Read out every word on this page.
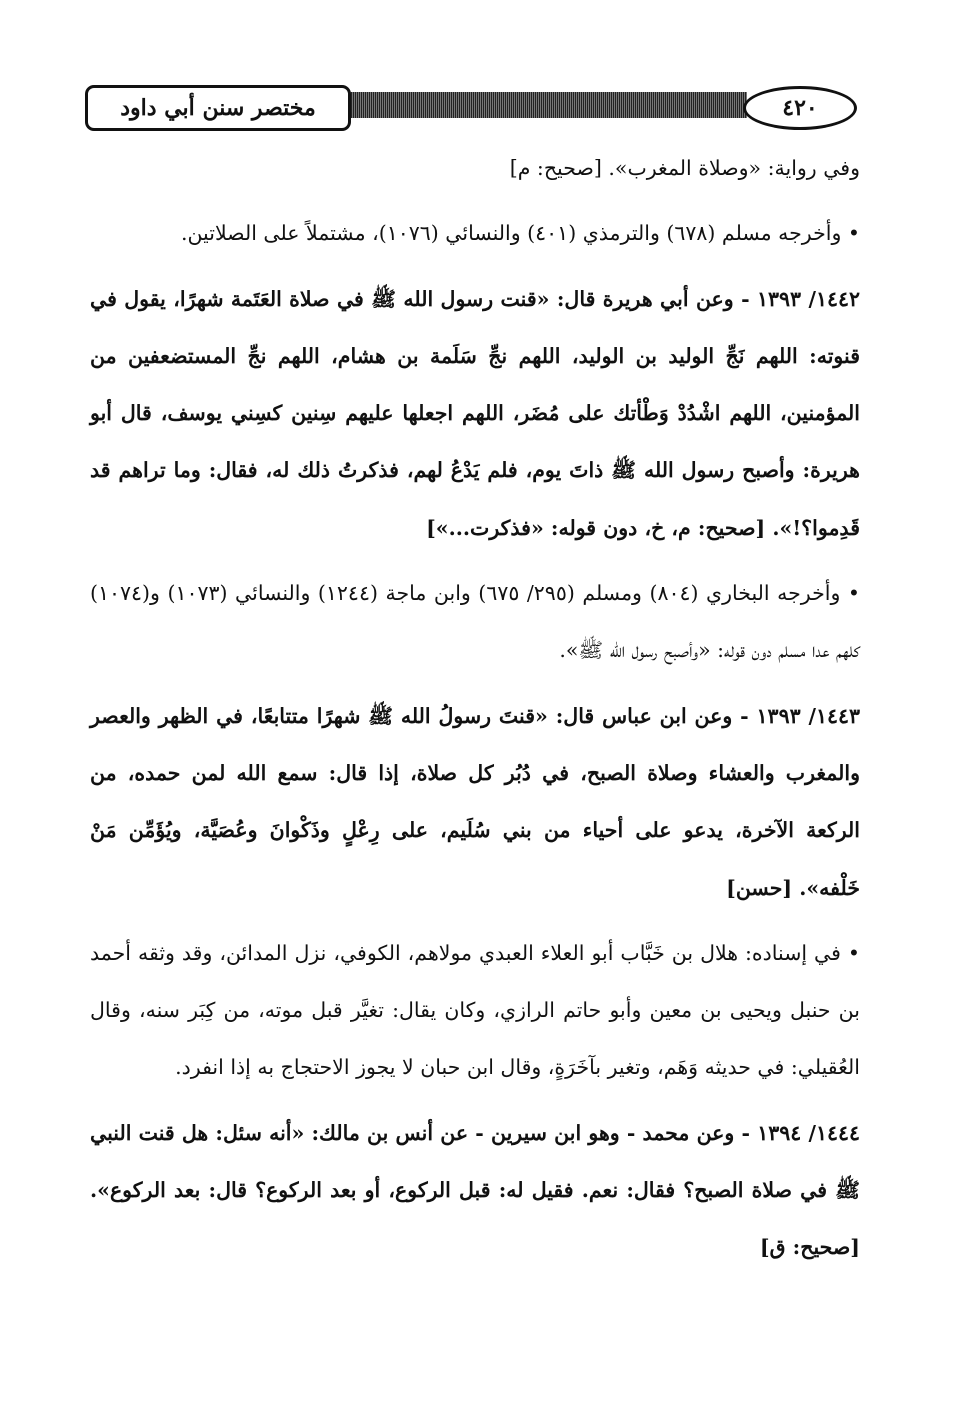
مختصر سنن أبي داود	٤٢٠

وفي رواية: «وصلاة المغرب». [صحيح: م]

• وأخرجه مسلم (٦٧٨) والترمذي (٤٠١) والنسائي (١٠٧٦)، مشتملاً على الصلاتين.

١٤٤٢/ ١٣٩٣ - وعن أبي هريرة قال: «قنت رسول الله ﷺ في صلاة العَتَمة شهرًا، يقول في قنوته: اللهم نَجِّ الوليد بن الوليد، اللهم نجِّ سَلَمة بن هشام، اللهم نجِّ المستضعفين من المؤمنين، اللهم اشْدُدْ وَطْأتك على مُضَر، اللهم اجعلها عليهم سِنين كسِني يوسف، قال أبو هريرة: وأصبح رسول الله ﷺ ذاتَ يوم، فلم يَدْعُ لهم، فذكرتُ ذلك له، فقال: وما تراهم قد قَدِموا؟!». [صحيح: م، خ، دون قوله: «فذكرت...»]

• وأخرجه البخاري (٨٠٤) ومسلم (٢٩٥/ ٦٧٥) وابن ماجة (١٢٤٤) والنسائي (١٠٧٣) و(١٠٧٤) كلهم عدا مسلم دون قوله: «وأصبح رسول الله ﷺ».

١٤٤٣/ ١٣٩٣ - وعن ابن عباس قال: «قنتَ رسولُ الله ﷺ شهرًا متتابعًا، في الظهر والعصر والمغرب والعشاء وصلاة الصبح، في دُبُر كل صلاة، إذا قال: سمع الله لمن حمده، من الركعة الآخرة، يدعو على أحياء من بني سُلَيم، على رِعْلٍ وذَكْوانَ وعُصَيَّة، ويُؤَمِّن مَنْ خَلْفه». [حسن]

• في إسناده: هلال بن خَبَّاب أبو العلاء العبدي مولاهم، الكوفي، نزل المدائن، وقد وثقه أحمد بن حنبل ويحيى بن معين وأبو حاتم الرازي، وكان يقال: تغيَّر قبل موته، من كِبَر سنه، وقال العُقيلي: في حديثه وَهَم، وتغير بآخَرَةٍ، وقال ابن حبان لا يجوز الاحتجاج به إذا انفرد.

١٤٤٤/ ١٣٩٤ - وعن محمد - وهو ابن سيرين - عن أنس بن مالك: «أنه سئل: هل قنت النبي ﷺ في صلاة الصبح؟ فقال: نعم. فقيل له: قبل الركوع، أو بعد الركوع؟ قال: بعد الركوع». [صحيح: ق]
